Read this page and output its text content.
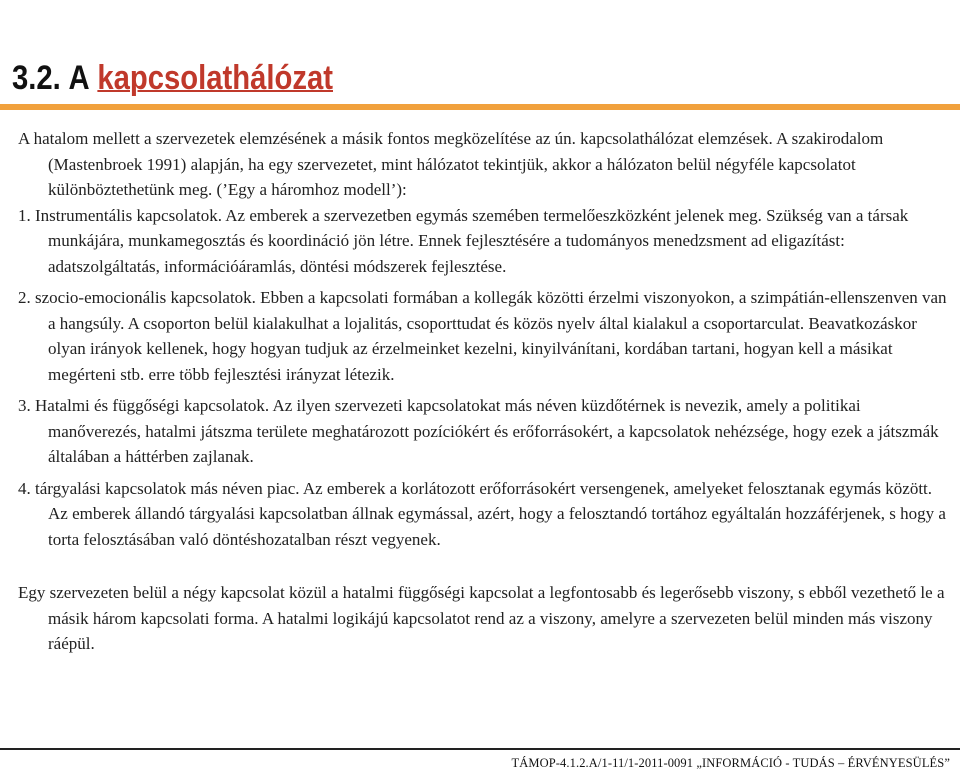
3.2. A kapcsolathálózat

A hatalom mellett a szervezetek elemzésének a másik fontos megközelítése az ún. kapcsolathálózat elemzések. A szakirodalom (Mastenbroek 1991) alapján, ha egy szervezetet, mint hálózatot tekintjük, akkor a hálózaton belül négyféle kapcsolatot különböztethetünk meg. (’Egy a háromhoz modell’):

1. Instrumentális kapcsolatok. Az emberek a szervezetben egymás szemében termelőeszközként jelenek meg. Szükség van a társak munkájára, munkamegosztás és koordináció jön létre. Ennek fejlesztésére a tudományos menedzsment ad eligazítást: adatszolgáltatás, információáramlás, döntési módszerek fejlesztése.

2. szocio-emocionális kapcsolatok. Ebben a kapcsolati formában a kollegák közötti érzelmi viszonyokon, a szimpátián-ellenszenven van a hangsúly. A csoporton belül kialakulhat a lojalitás, csoporttudat és közös nyelv által kialakul a csoportarculat. Beavatkozáskor olyan irányok kellenek, hogy hogyan tudjuk az érzelmeinket kezelni, kinyilvánítani, kordában tartani, hogyan kell a másikat megérteni stb. erre több fejlesztési irányzat létezik.

3. Hatalmi és függőségi kapcsolatok. Az ilyen szervezeti kapcsolatokat más néven küzdőtérnek is nevezik, amely a politikai manőverezés, hatalmi játszma területe meghatározott pozíciókért és erőforrásokért, a kapcsolatok nehézsége, hogy ezek a játszmák általában a háttérben zajlanak.

4. tárgyalási kapcsolatok más néven piac. Az emberek a korlátozott erőforrásokért versengenek, amelyeket felosztanak egymás között. Az emberek állandó tárgyalási kapcsolatban állnak egymással, azért, hogy a felosztandó tortához egyáltalán hozzáférjenek, s hogy a torta felosztásában való döntéshozatalban részt vegyenek.

Egy szervezeten belül a négy kapcsolat közül a hatalmi függőségi kapcsolat a legfontosabb és legerősebb viszony, s ebből vezethető le a másik három kapcsolati forma. A hatalmi logikájú kapcsolatot rend az a viszony, amelyre a szervezeten belül minden más viszony ráépül.

TÁMOP-4.1.2.A/1-11/1-2011-0091 „INFORMÁCIÓ - TUDÁS – ÉRVÉNYESÜLÉS”
